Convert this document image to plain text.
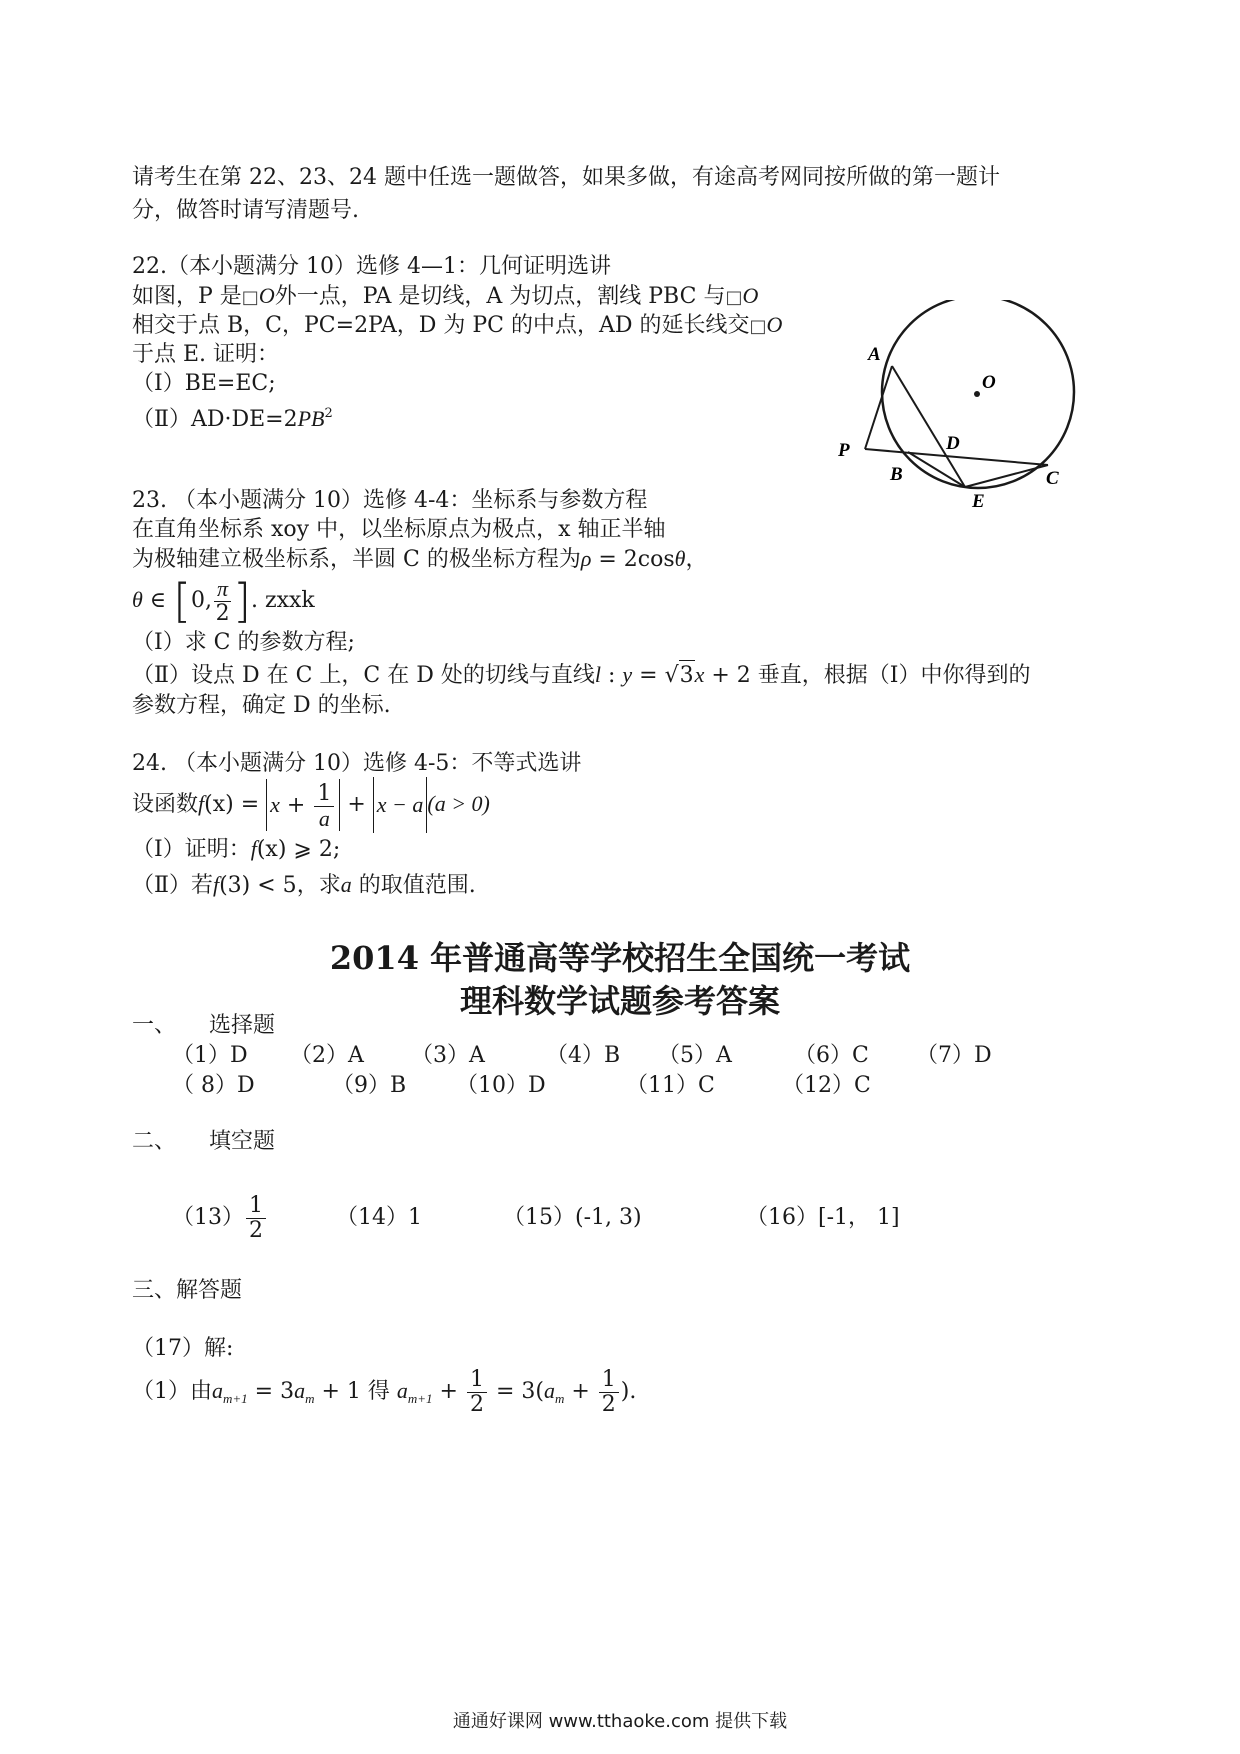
请考生在第 22、23、24 题中任选一题做答，如果多做，有途高考网同按所做的第一题计
分，做答时请写清题号.
22.（本小题满分 10）选修 4—1：几何证明选讲
如图，P 是□O外一点，PA 是切线，A 为切点，割线 PBC 与□O
相交于点 B，C，PC=2PA，D 为 PC 的中点，AD 的延长线交□O
于点 E. 证明：
（Ⅰ）BE=EC;
$(Ⅱ)AD\cdot DE=2PB^2$
A
O
D
P
B	C
E
23. （本小题满分 10）选修 4-4：坐标系与参数方程
在直角坐标系 xoy 中，以坐标原点为极点，x 轴正半轴
为极轴建立极坐标系，半圆 C 的极坐标方程为ρ = 2cosθ，
θ ∈ [0, $\frac{\pi}{2}$ ]. zxxk
（Ⅰ）求 C 的参数方程;
（Ⅱ）设点 D 在 C 上，C 在 D 处的切线与直线l : y = √3x + 2 垂直，根据（Ⅰ）中你得到的
参数方程，确定 D 的坐标.
24. （本小题满分 10）选修 4-5：不等式选讲
设函数$f(x) = x + \frac{1}{a} + x - a$ (a > 0)
（Ⅰ）证明：f(x) ⩾ 2;
（Ⅱ）若f(3) < 5，求a 的取值范围.
2014 年普通高等学校招生全国统一考试
理科数学试题参考答案
一、　　选择题
（1）D （2）A （3）A	（4）B （5）A	（6）C （7）D
（ 8）D	（9）B （10）D	（11）C	（12）C
二、　　填空题
$(13) \frac{1}{2}$	（14）1	（15）(-1, 3)	（16）[-1， 1]
三、解答题
（17）解:
（1）由$a_{m+1} = 3a_m + 1$ 得 $a_{m+1} + \frac{1}{2} = 3(a_m + \frac{1}{2}$ ).
通通好课网 www.tthaoke.com 提供下载
